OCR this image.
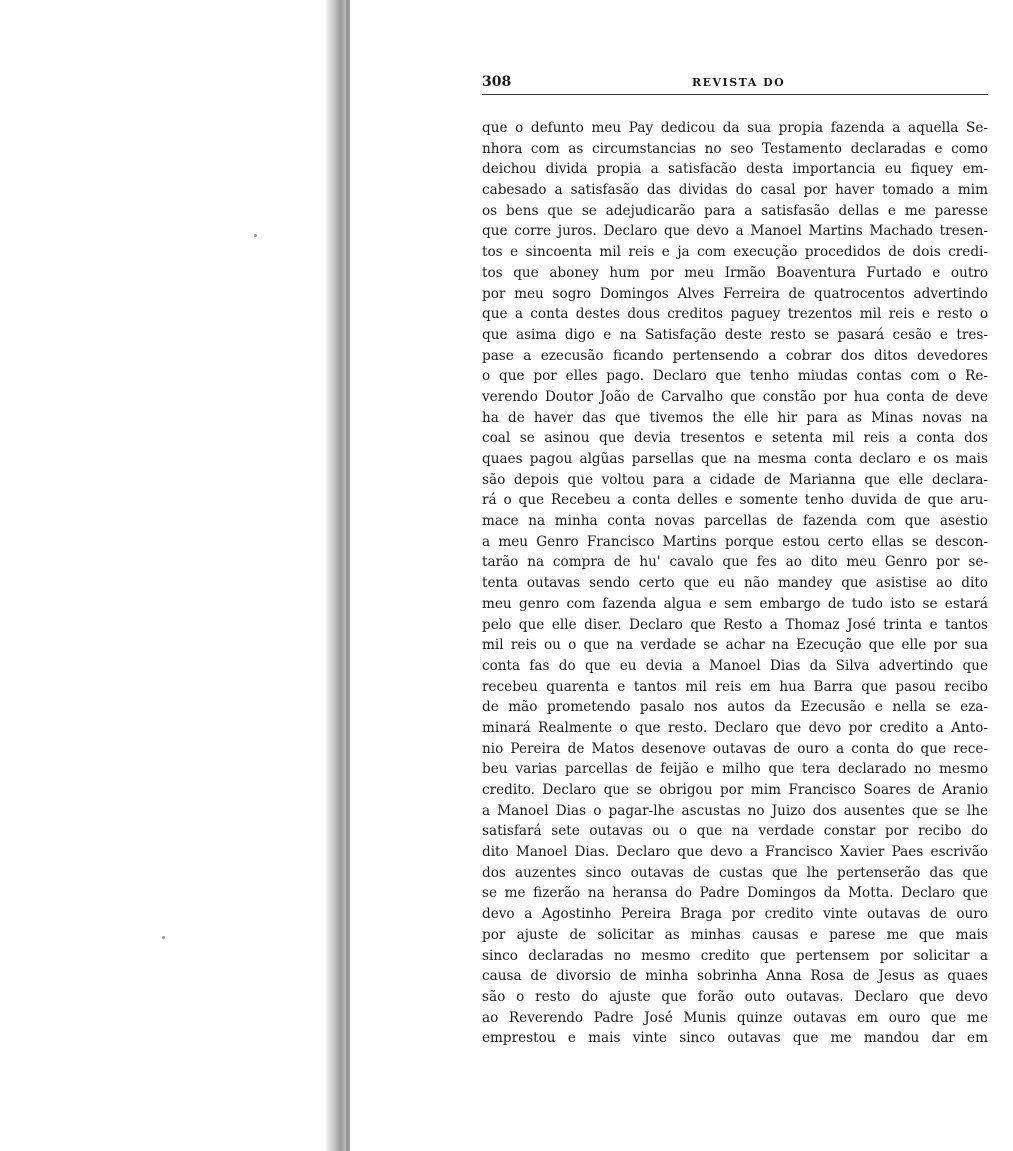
308	REVISTA DO
que o defunto meu Pay dedicou da sua propia fazenda a aquella Se-
nhora com as circumstancias no seo Testamento declaradas e como
deichou divida propia a satisfacão desta importancia eu fiquey em-
cabesado a satisfasão das dividas do casal por haver tomado a mim
os bens que se adejudicarão para a satisfasão dellas e me paresse
que corre juros. Declaro que devo a Manoel Martins Machado tresen-
tos e sincoenta mil reis e ja com execução procedidos de dois credi-
tos que aboney hum por meu Irmão Boaventura Furtado e outro
por meu sogro Domingos Alves Ferreira de quatrocentos advertindo
que a conta destes dous creditos paguey trezentos mil reis e resto o
que asima digo e na Satisfação deste resto se pasará cesão e tres-
pase a ezecusão ficando pertensendo a cobrar dos ditos devedores
o que por elles pago. Declaro que tenho miudas contas com o Re-
verendo Doutor João de Carvalho que constão por hua conta de deve
ha de haver das que tivemos the elle hir para as Minas novas na
coal se asinou que devia tresentos e setenta mil reis a conta dos
quaes pagou algũas parsellas que na mesma conta declaro e os mais
são depois que voltou para a cidade de Marianna que elle declara-
rá o que Recebeu a conta delles e somente tenho duvida de que aru-
mace na minha conta novas parcellas de fazenda com que asestio
a meu Genro Francisco Martins porque estou certo ellas se descon-
tarão na compra de hu' cavalo que fes ao dito meu Genro por se-
tenta outavas sendo certo que eu não mandey que asistise ao dito
meu genro com fazenda algua e sem embargo de tudo isto se estará
pelo que elle diser. Declaro que Resto a Thomaz José trinta e tantos
mil reis ou o que na verdade se achar na Ezecução que elle por sua
conta fas do que eu devia a Manoel Dias da Silva advertindo que
recebeu quarenta e tantos mil reis em hua Barra que pasou recibo
de mão prometendo pasalo nos autos da Ezecusão e nella se eza-
minará Realmente o que resto. Declaro que devo por credito a Anto-
nio Pereira de Matos desenove outavas de ouro a conta do que rece-
beu varias parcellas de feijão e milho que tera declarado no mesmo
credito. Declaro que se obrigou por mim Francisco Soares de Aranio
a Manoel Dias o pagar-lhe ascustas no Juizo dos ausentes que se lhe
satisfará sete outavas ou o que na verdade constar por recibo do
dito Manoel Dias. Declaro que devo a Francisco Xavier Paes escrivão
dos auzentes sinco outavas de custas que lhe pertenserão das que
se me fizerão na heransa do Padre Domingos da Motta. Declaro que
devo a Agostinho Pereira Braga por credito vinte outavas de ouro
por ajuste de solicitar as minhas causas e parese me que mais
sinco declaradas no mesmo credito que pertensem por solicitar a
causa de divorsio de minha sobrinha Anna Rosa de Jesus as quaes
são o resto do ajuste que forão outo outavas. Declaro que devo
ao Reverendo Padre José Munis quinze outavas em ouro que me
emprestou e mais vinte sinco outavas que me mandou dar em
